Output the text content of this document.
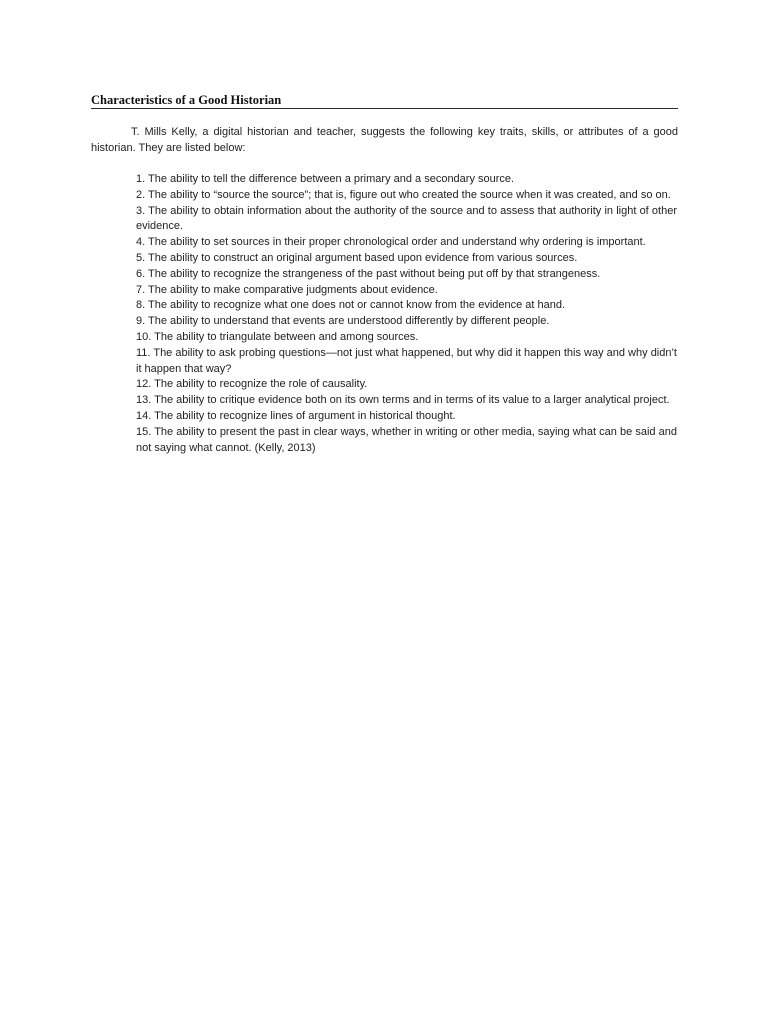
Characteristics of a Good Historian

T. Mills Kelly, a digital historian and teacher, suggests the following key traits, skills, or attributes of a good historian. They are listed below:

1. The ability to tell the difference between a primary and a secondary source.
2. The ability to “source the source”; that is, figure out who created the source when it was created, and so on.
3. The ability to obtain information about the authority of the source and to assess that authority in light of other evidence.
4. The ability to set sources in their proper chronological order and understand why ordering is important.
5. The ability to construct an original argument based upon evidence from various sources.
6. The ability to recognize the strangeness of the past without being put off by that strangeness.
7. The ability to make comparative judgments about evidence.
8. The ability to recognize what one does not or cannot know from the evidence at hand.
9. The ability to understand that events are understood differently by different people.
10. The ability to triangulate between and among sources.
11. The ability to ask probing questions—not just what happened, but why did it happen this way and why didn’t it happen that way?
12. The ability to recognize the role of causality.
13. The ability to critique evidence both on its own terms and in terms of its value to a larger analytical project.
14. The ability to recognize lines of argument in historical thought.
15. The ability to present the past in clear ways, whether in writing or other media, saying what can be said and not saying what cannot. (Kelly, 2013)
